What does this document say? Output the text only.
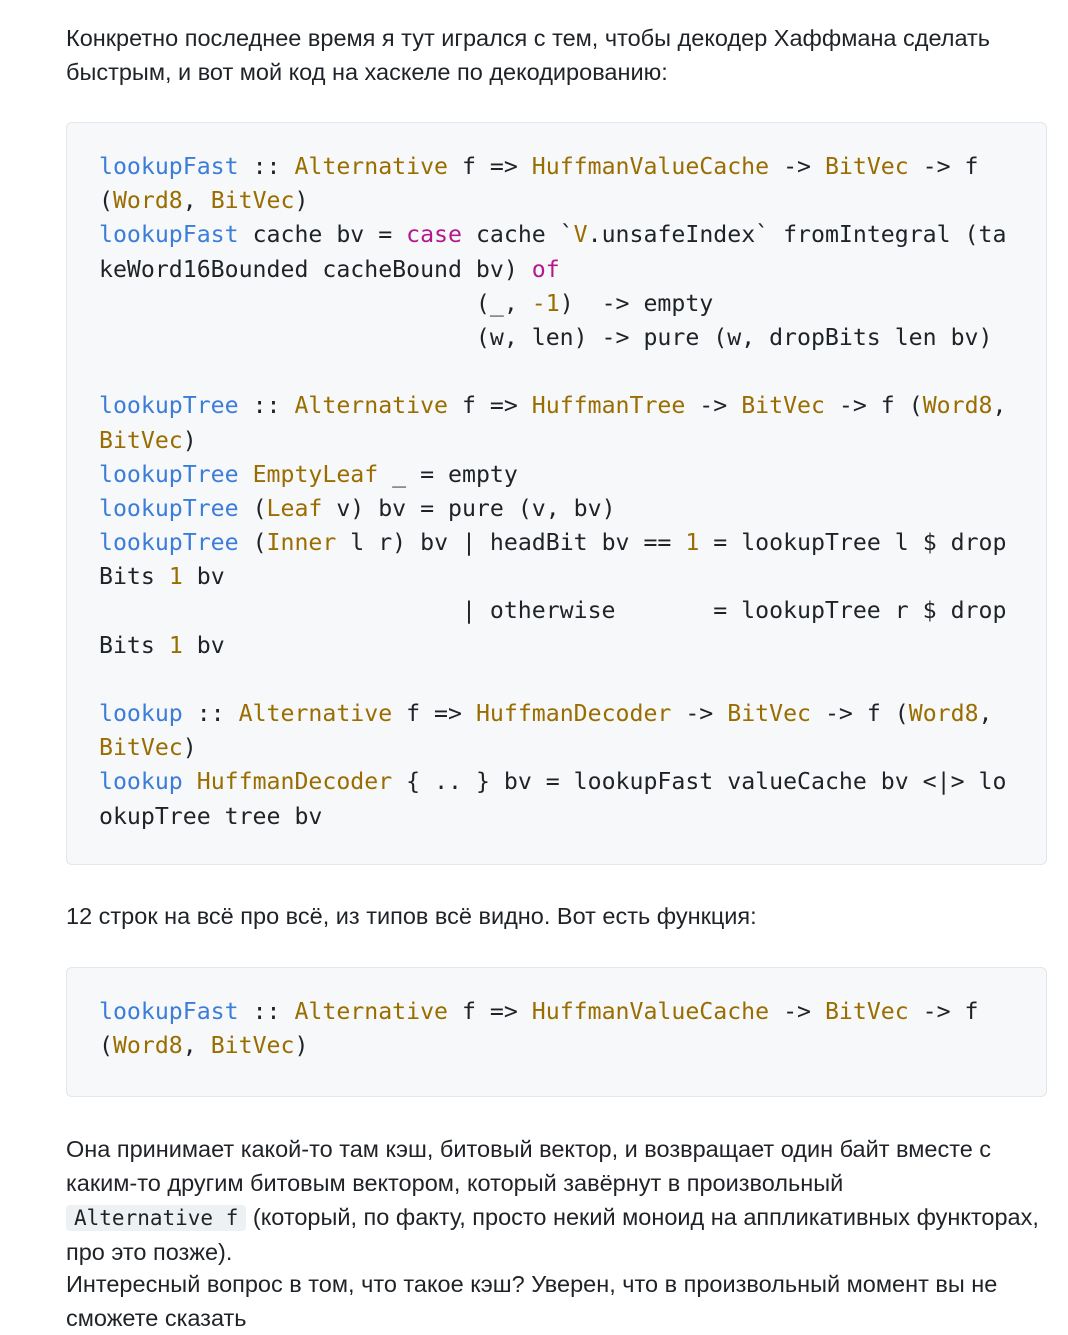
Конкретно последнее время я тут игрался с тем, чтобы декодер Хаффмана сделать быстрым, и вот мой код на хаскеле по декодированию:

lookupFast :: Alternative f => HuffmanValueCache -> BitVec -> f
(Word8, BitVec)
lookupFast cache bv = case cache `V.unsafeIndex` fromIntegral (ta
keWord16Bounded cacheBound bv) of
(_, -1)  -> empty
(w, len) -> pure (w, dropBits len bv)

lookupTree :: Alternative f => HuffmanTree -> BitVec -> f (Word8,
BitVec)
lookupTree EmptyLeaf _ = empty
lookupTree (Leaf v) bv = pure (v, bv)
lookupTree (Inner l r) bv | headBit bv == 1 = lookupTree l $ drop
Bits 1 bv
| otherwise       = lookupTree r $ drop
Bits 1 bv

lookup :: Alternative f => HuffmanDecoder -> BitVec -> f (Word8,
BitVec)
lookup HuffmanDecoder { .. } bv = lookupFast valueCache bv <|> lo
okupTree tree bv

12 строк на всё про всё, из типов всё видно. Вот есть функция:

lookupFast :: Alternative f => HuffmanValueCache -> BitVec -> f
(Word8, BitVec)

Она принимает какой-то там кэш, битовый вектор, и возвращает один байт вместе с каким-то другим битовым вектором, который завёрнут в произвольный
Alternative f (который, по факту, просто некий моноид на аппликативных функторах, про это позже).

Интересный вопрос в том, что такое кэш? Уверен, что в произвольный момент вы не сможете сказать
